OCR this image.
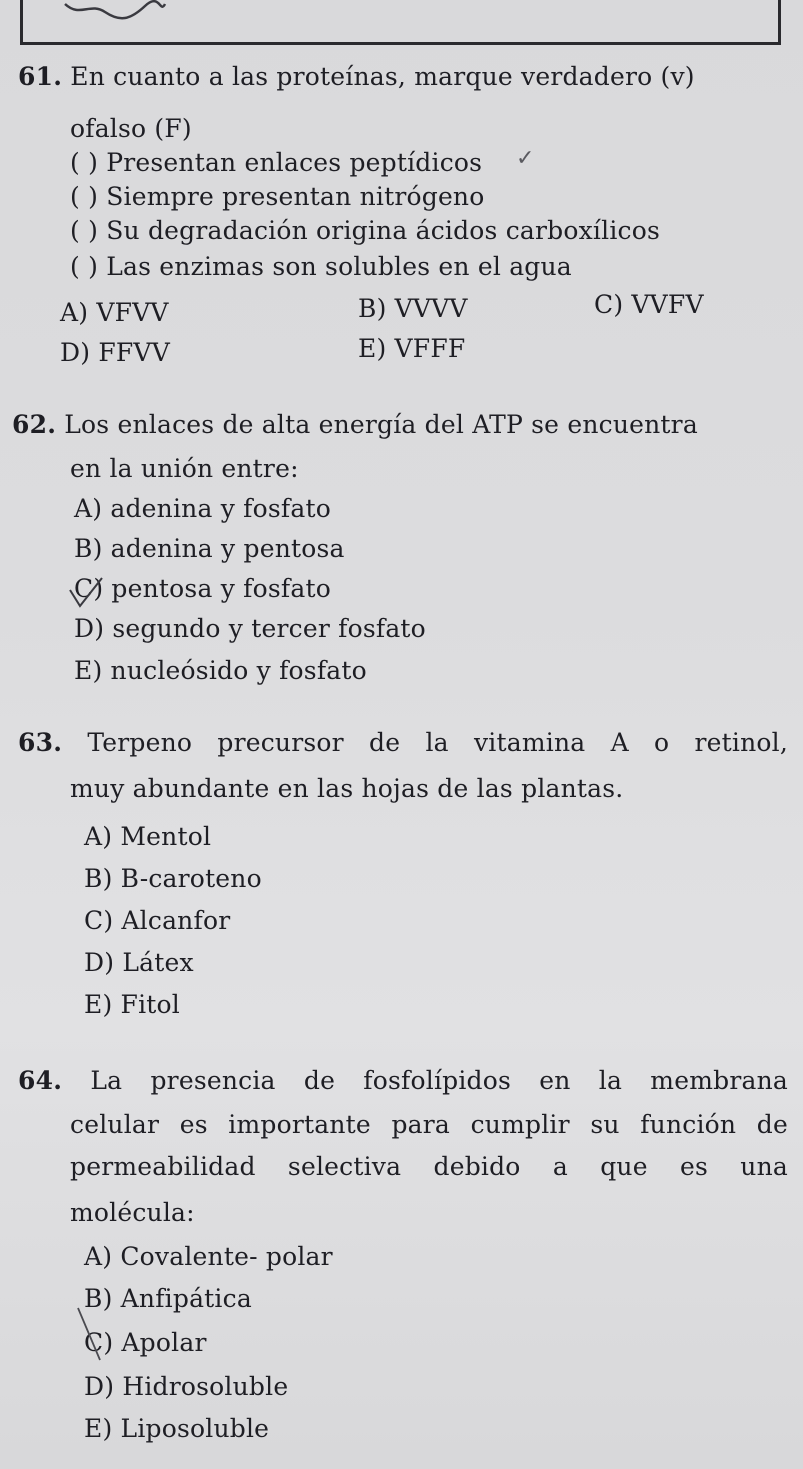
61. En cuanto a las proteínas, marque verdadero (v)
ofalso (F)
( ) Presentan enlaces peptídicos ✓
( ) Siempre presentan nitrógeno
( ) Su degradación origina ácidos carboxílicos
( ) Las enzimas son solubles en el agua
A) VFVV	B) VVVV	C) VVFV
D) FFVV	E) VFFF
62. Los enlaces de alta energía del ATP se encuentra
en la unión entre:
A) adenina y fosfato
B) adenina y pentosa
C) pentosa y fosfato
D) segundo y tercer fosfato
E) nucleósido y fosfato
63. Terpeno precursor de la vitamina A o retinol,
muy abundante en las hojas de las plantas.
A) Mentol
B) B-caroteno
C) Alcanfor
D) Látex
E) Fitol
64. La presencia de fosfolípidos en la membrana
celular es importante para cumplir su función de
permeabilidad selectiva debido a que es una
molécula:
A) Covalente- polar
B) Anfipática
C) Apolar
D) Hidrosoluble
E) Liposoluble
